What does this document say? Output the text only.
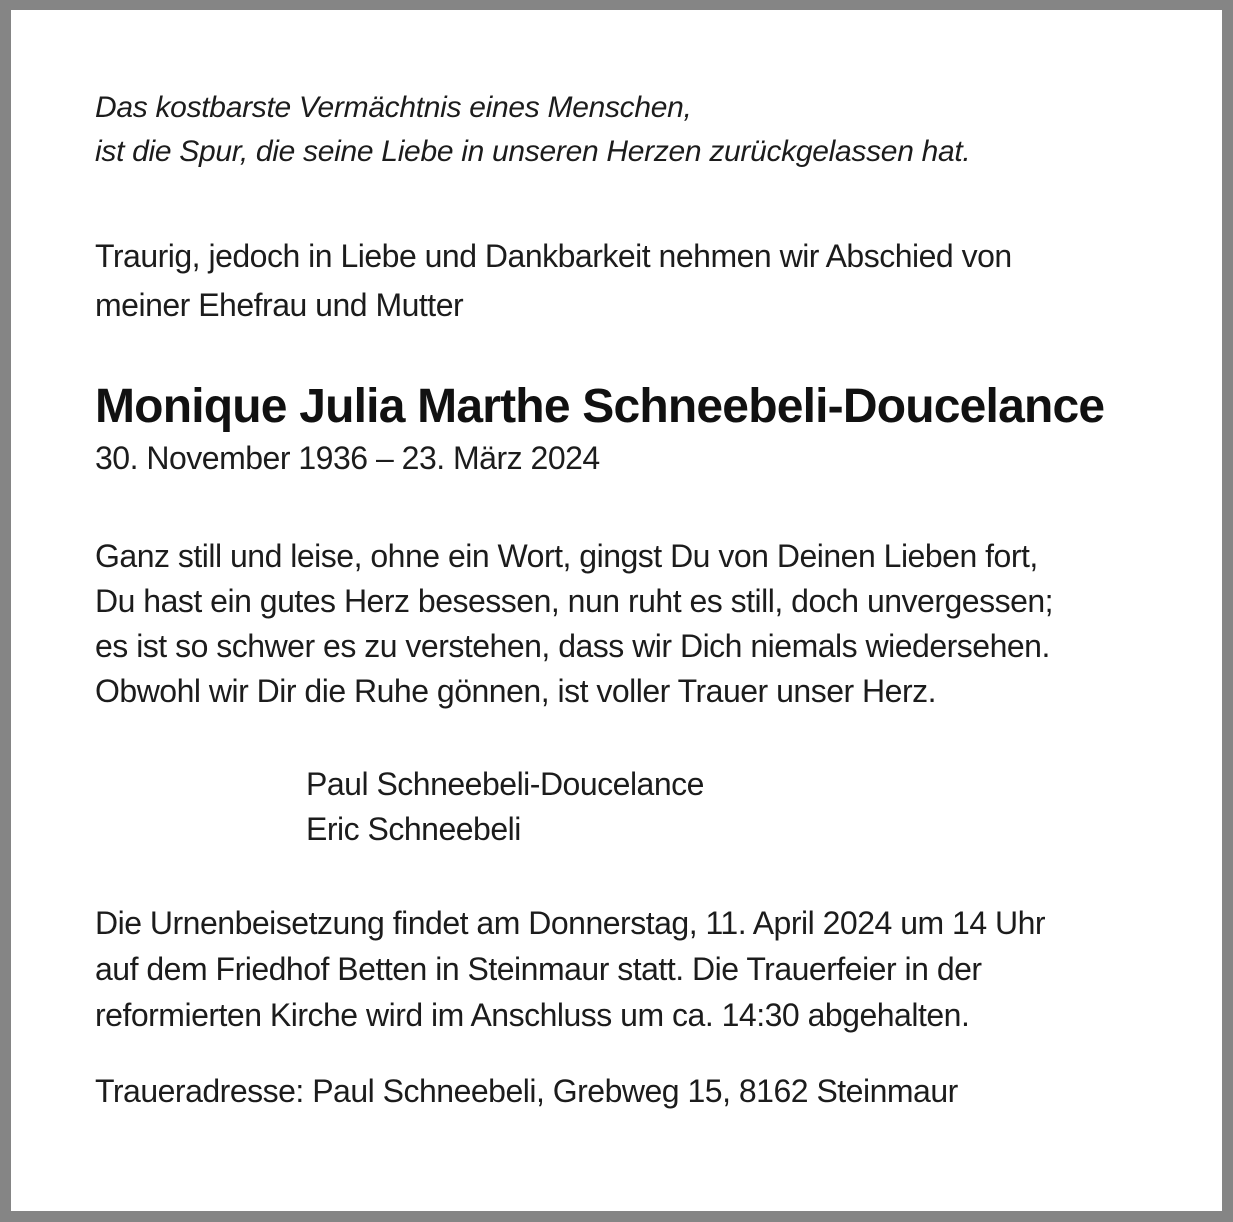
Das kostbarste Vermächtnis eines Menschen,
ist die Spur, die seine Liebe in unseren Herzen zurückgelassen hat.

Traurig, jedoch in Liebe und Dankbarkeit nehmen wir Abschied von
meiner Ehefrau und Mutter

Monique Julia Marthe Schneebeli-Doucelance
30. November 1936 – 23. März 2024

Ganz still und leise, ohne ein Wort, gingst Du von Deinen Lieben fort,
Du hast ein gutes Herz besessen, nun ruht es still, doch unvergessen;
es ist so schwer es zu verstehen, dass wir Dich niemals wiedersehen.
Obwohl wir Dir die Ruhe gönnen, ist voller Trauer unser Herz.

Paul Schneebeli-Doucelance
Eric Schneebeli

Die Urnenbeisetzung findet am Donnerstag, 11. April 2024 um 14 Uhr
auf dem Friedhof Betten in Steinmaur statt. Die Trauerfeier in der
reformierten Kirche wird im Anschluss um ca. 14:30 abgehalten.

Traueradresse: Paul Schneebeli, Grebweg 15, 8162 Steinmaur
